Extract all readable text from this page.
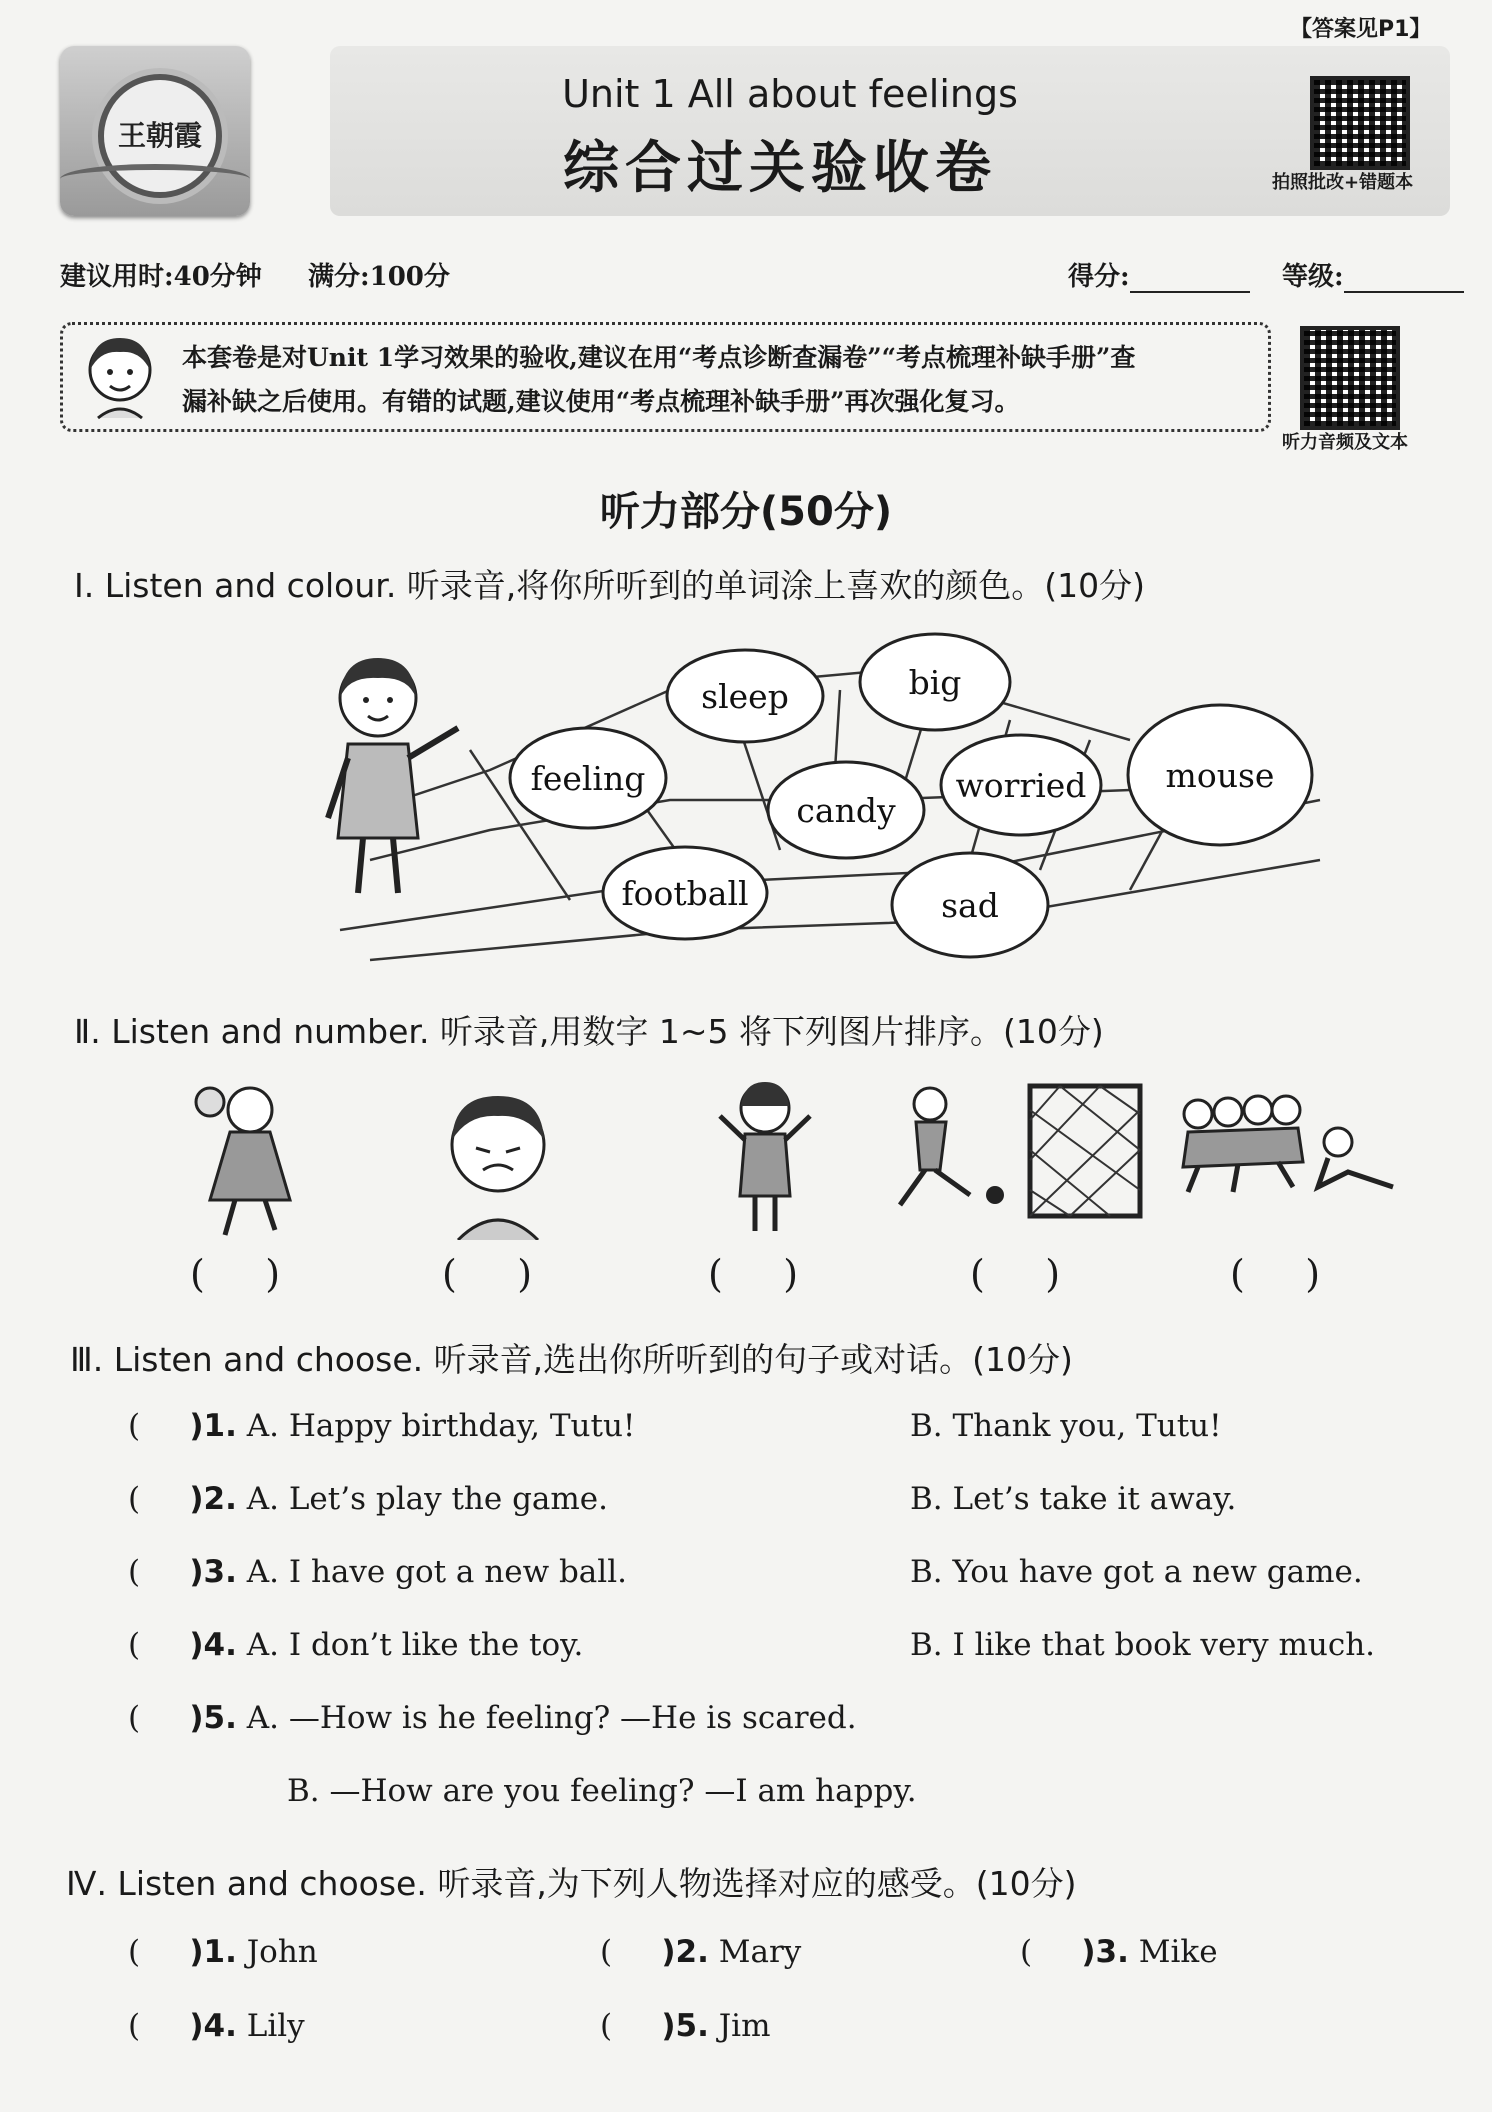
【答案见P1】
王朝霞
Unit 1 All about feelings
综合过关验收卷	拍照批改+错题本
建议用时:40分钟 满分:100分	得分:	等级:
本套卷是对Unit 1学习效果的验收,建议在用“考点诊断查漏卷”“考点梳理补缺手册”查
漏补缺之后使用。有错的试题,建议使用“考点梳理补缺手册”再次强化复习。
听力音频及文本
听力部分(50分)
Ⅰ. Listen and colour. 听录音,将你所听到的单词涂上喜欢的颜色。(10分)
sleep	big
feeling
candy
worried mouse
football	sad
Ⅱ. Listen and number. 听录音,用数字 1~5 将下列图片排序。(10分)
(     )	(     )	(     )	(     )	(     )
Ⅲ. Listen and choose. 听录音,选出你所听到的句子或对话。(10分)
(     )1. A. Happy birthday, Tutu!	B. Thank you, Tutu!
(     )2. A. Let’s play the game.	B. Let’s take it away.
(     )3. A. I have got a new ball.	B. You have got a new game.
(     )4. A. I don’t like the toy.	B. I like that book very much.
(     )5. A. —How is he feeling? —He is scared.
B. —How are you feeling? —I am happy.
Ⅳ. Listen and choose. 听录音,为下列人物选择对应的感受。(10分)
(     )1. John	(     )2. Mary	(     )3. Mike
(     )4. Lily	(     )5. Jim
